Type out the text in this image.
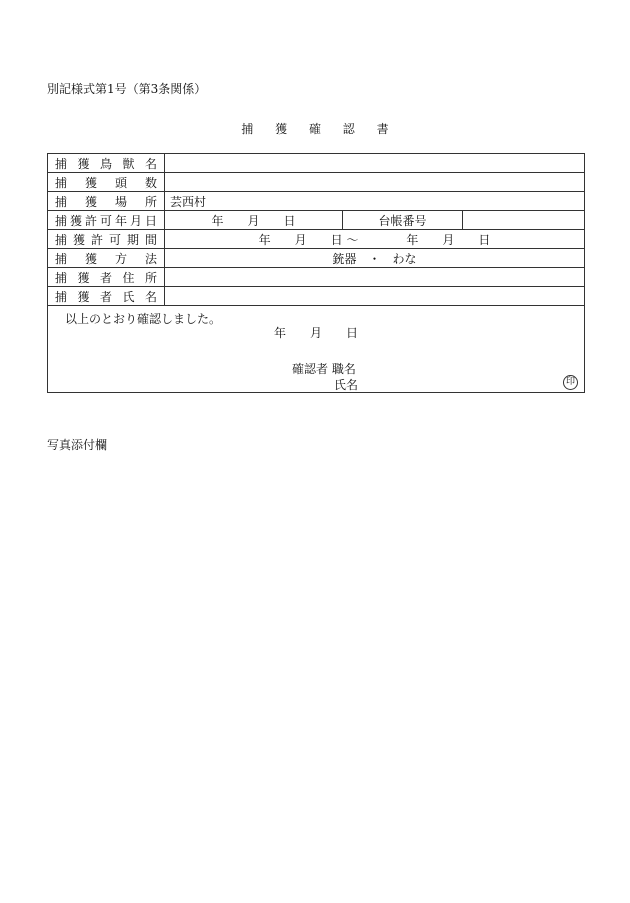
別記様式第1号（第3条関係）
捕 獲 確 認 書
捕獲鳥獣名			
捕獲頭数			
捕獲場所	芸西村		
捕獲許可年月日	年　　月　　日	台帳番号	
捕獲許可期間	年　　月　　日 ～　　　　年　　月　　日		
捕獲方法	銃器　・　わな		
捕獲者住所			
捕獲者氏名			

以上のとおり確認しました。
年　　月　　日
確認者 職名
氏名 印			
写真添付欄
